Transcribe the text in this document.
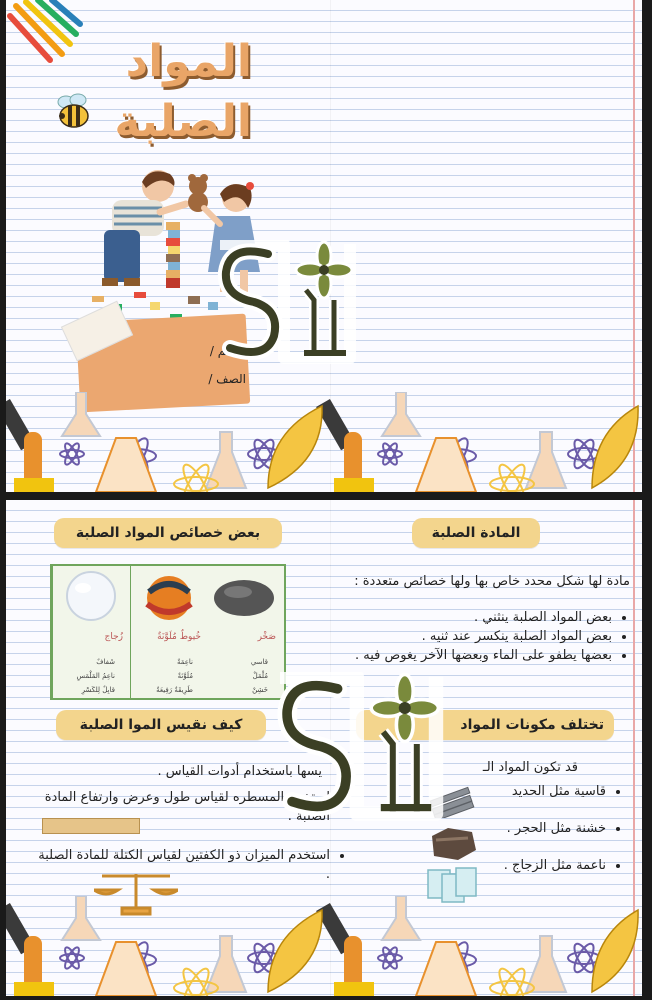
المواد
الصلبة
الاسم /
الصف /
المادة الصلبة
مادة لها شكل محدد خاص بها ولها خصائص متعددة :
• بعض المواد الصلبة ينثني .
• بعض المواد الصلبة ينكسر عند ثنيه .
• بعضها يطفو على الماء وبعضها الآخر يغوص فيه .
بعض خصائص المواد الصلبة
صَخْر
قاسي
مُلْمَلْ
خَشِنْ
خُيوطٌ مُلَوَّنَةٌ
ناعِمَةٌ
مُلَوَّنَةٌ
طَرِيقَةٌ رَفِيعَةٌ
زُجاج
شَفافٌ
ناعِمُ المَلْمَسِ
قابِلٌ لِلكَسْرِ
تختلف مكونات المواد
قد تكون المواد الـ
• قاسية مثل الحديد
• خشنة مثل الحجر .
• ناعمة مثل الزجاج .
كيف نقيس الموا الصلبة
يسها باستخدام أدوات القياس .
• استخدم المسطره لقياس طول وعرض وارتفاع المادة الصلبة .
• استخدم الميزان ذو الكفتين لقياس الكتلة للمادة الصلبة .
